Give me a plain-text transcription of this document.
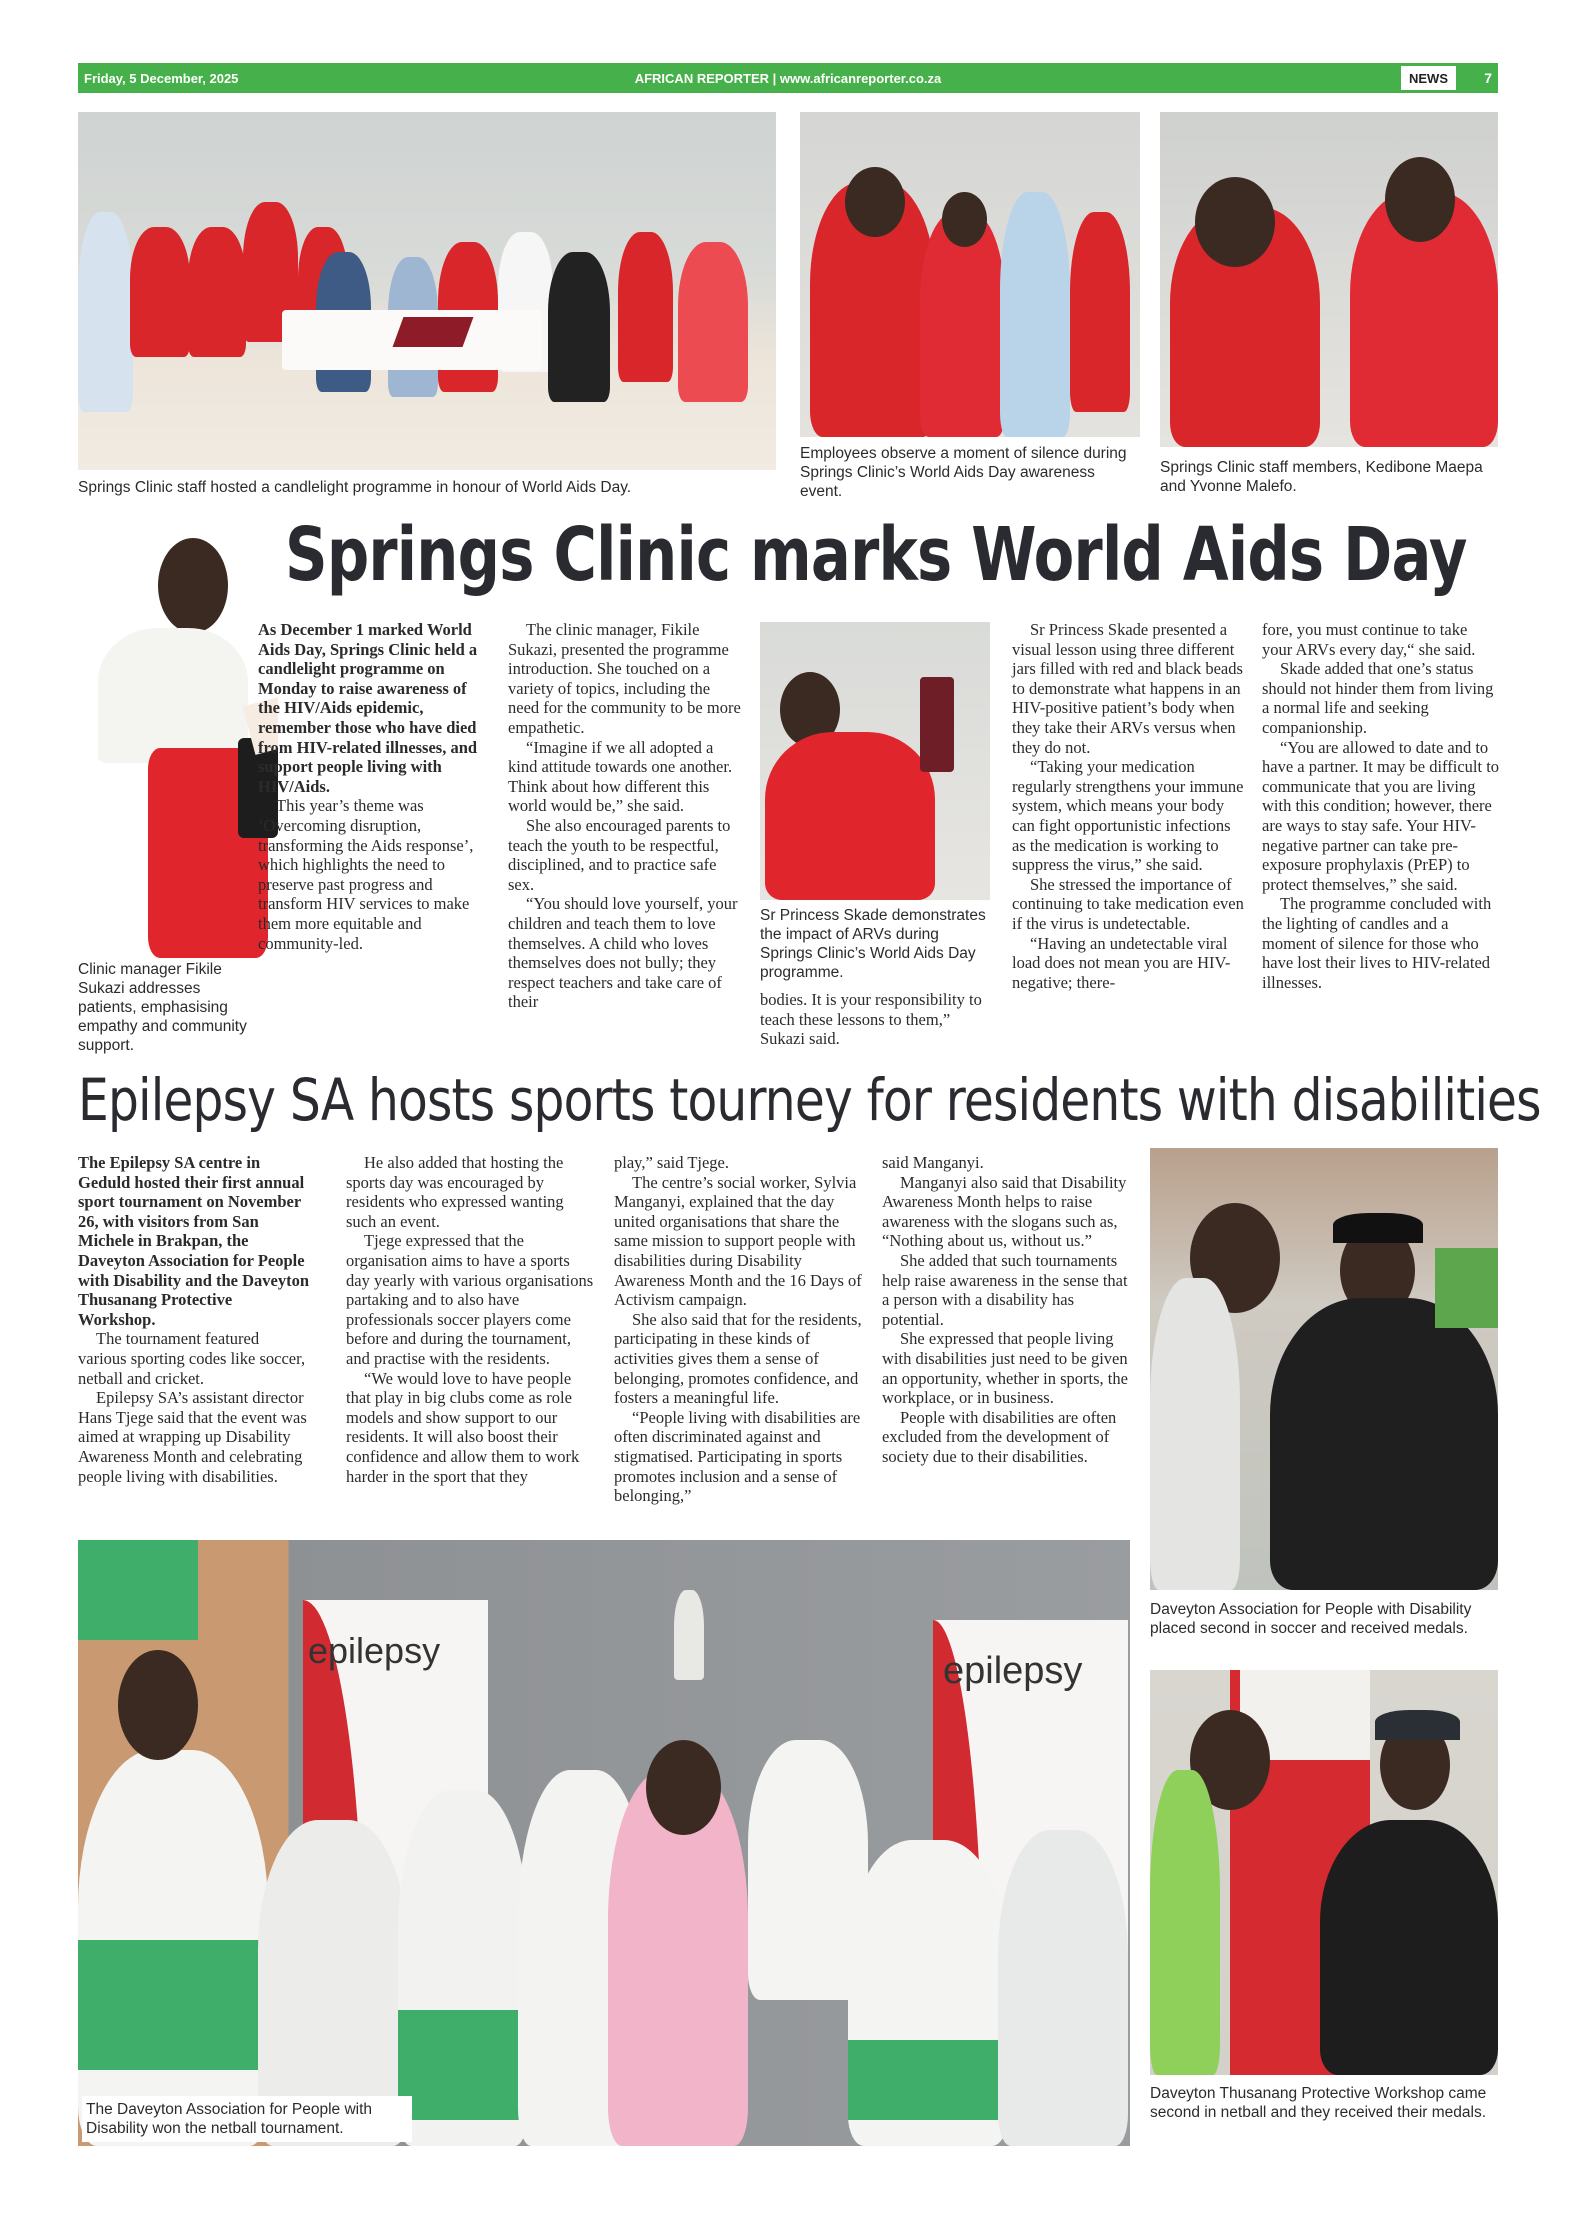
Friday, 5 December, 2025	AFRICAN REPORTER | www.africanreporter.co.za	NEWS	7
Springs Clinic staff hosted a candlelight programme in honour of World Aids Day.
Employees observe a moment of silence during Springs Clinic’s World Aids Day awareness event.
Springs Clinic staff members, Kedibone Maepa and Yvonne Malefo.
Springs Clinic marks World Aids Day
Clinic manager Fikile Sukazi addresses patients, emphasising empathy and community support.

As December 1 marked World Aids Day, Springs Clinic held a candlelight programme on Monday to raise awareness of the HIV/Aids epidemic, remember those who have died from HIV-related illnesses, and support people living with HIV/Aids.

This year’s theme was ‘Overcoming disruption, transforming the Aids response’, which highlights the need to preserve past progress and transform HIV services to make them more equitable and community-led.

The clinic manager, Fikile Sukazi, presented the programme introduction. She touched on a variety of topics, including the need for the community to be more empathetic.

“Imagine if we all adopted a kind attitude towards one another. Think about how different this world would be,” she said.

She also encouraged parents to teach the youth to be respectful, disciplined, and to practice safe sex.

“You should love yourself, your children and teach them to love themselves. A child who loves themselves does not bully; they respect teachers and take care of their

Sr Princess Skade demonstrates the impact of ARVs during Springs Clinic’s World Aids Day programme.

bodies. It is your responsibility to teach these lessons to them,” Sukazi said.

Sr Princess Skade presented a visual lesson using three different jars filled with red and black beads to demonstrate what happens in an HIV-positive patient’s body when they take their ARVs versus when they do not.

“Taking your medication regularly strengthens your immune system, which means your body can fight opportunistic infections as the medication is working to suppress the virus,” she said.

She stressed the importance of continuing to take medication even if the virus is undetectable.

“Having an undetectable viral load does not mean you are HIV-negative; there-

fore, you must continue to take your ARVs every day,“ she said.

Skade added that one’s status should not hinder them from living a normal life and seeking companionship.

“You are allowed to date and to have a partner. It may be difficult to communicate that you are living with this condition; however, there are ways to stay safe. Your HIV-negative partner can take pre-exposure prophylaxis (PrEP) to protect themselves,” she said.

The programme concluded with the lighting of candles and a moment of silence for those who have lost their lives to HIV-related illnesses.

Epilepsy SA hosts sports tourney for residents with disabilities

The Epilepsy SA centre in Geduld hosted their first annual sport tournament on November 26, with visitors from San Michele in Brakpan, the Daveyton Association for People with Disability and the Daveyton Thusanang Protective Workshop.

The tournament featured various sporting codes like soccer, netball and cricket.

Epilepsy SA’s assistant director Hans Tjege said that the event was aimed at wrapping up Disability Awareness Month and celebrating people living with disabilities.

He also added that hosting the sports day was encouraged by residents who expressed wanting such an event.

Tjege expressed that the organisation aims to have a sports day yearly with various organisations partaking and to also have professionals soccer players come before and during the tournament, and practise with the residents.

“We would love to have people that play in big clubs come as role models and show support to our residents. It will also boost their confidence and allow them to work harder in the sport that they

play,” said Tjege.

The centre’s social worker, Sylvia Manganyi, explained that the day united organisations that share the same mission to support people with disabilities during Disability Awareness Month and the 16 Days of Activism campaign.

She also said that for the residents, participating in these kinds of activities gives them a sense of belonging, promotes confidence, and fosters a meaningful life.

“People living with disabilities are often discriminated against and stigmatised. Participating in sports promotes inclusion and a sense of belonging,”

said Manganyi.

Manganyi also said that Disability Awareness Month helps to raise awareness with the slogans such as, “Nothing about us, without us.”

She added that such tournaments help raise awareness in the sense that a person with a disability has potential.

She expressed that people living with disabilities just need to be given an opportunity, whether in sports, the workplace, or in business.

People with disabilities are often excluded from the development of society due to their disabilities.

Daveyton Association for People with Disability placed second in soccer and received medals.
epilepsy	epilepsy
The Daveyton Association for People with Disability won the netball tournament.
Daveyton Thusanang Protective Workshop came second in netball and they received their medals.
